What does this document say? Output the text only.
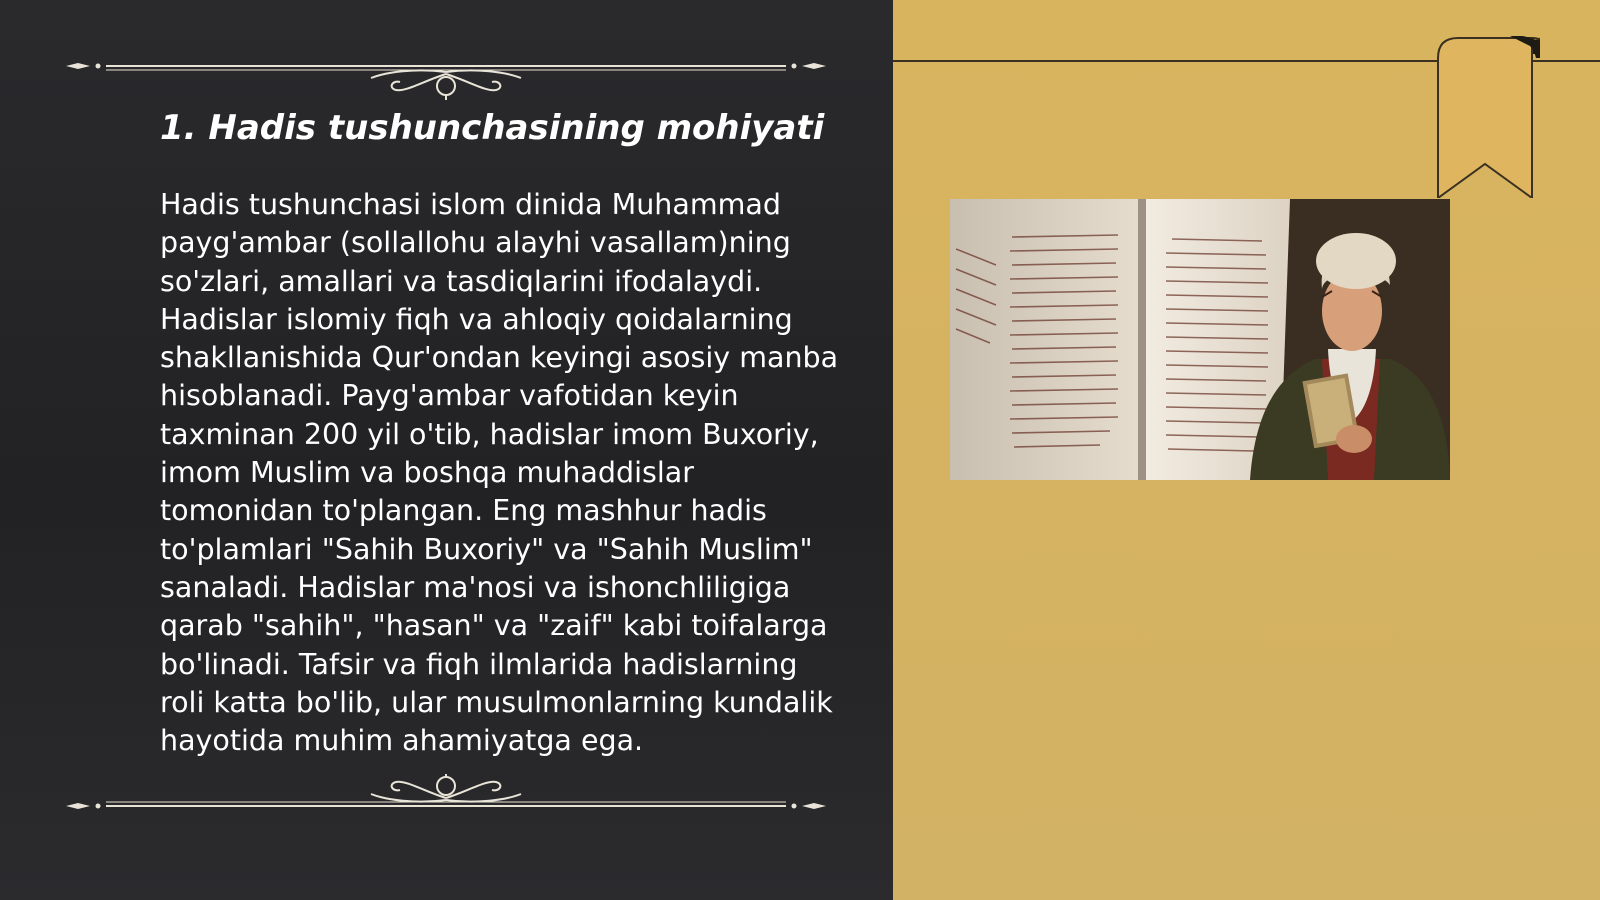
1. Hadis tushunchasining mohiyati

Hadis tushunchasi islom dinida Muhammad payg'ambar (sollallohu alayhi vasallam)ning so'zlari, amallari va tasdiqlarini ifodalaydi. Hadislar islomiy fiqh va ahloqiy qoidalarning shakllanishida Qur'ondan keyingi asosiy manba hisoblanadi. Payg'ambar vafotidan keyin taxminan 200 yil o'tib, hadislar imom Buxoriy, imom Muslim va boshqa muhaddislar tomonidan to'plangan. Eng mashhur hadis to'plamlari "Sahih Buxoriy" va "Sahih Muslim" sanaladi. Hadislar ma'nosi va ishonchliligiga qarab "sahih", "hasan" va "zaif" kabi toifalarga bo'linadi. Tafsir va fiqh ilmlarida hadislarning roli katta bo'lib, ular musulmonlarning kundalik hayotida muhim ahamiyatga ega.
